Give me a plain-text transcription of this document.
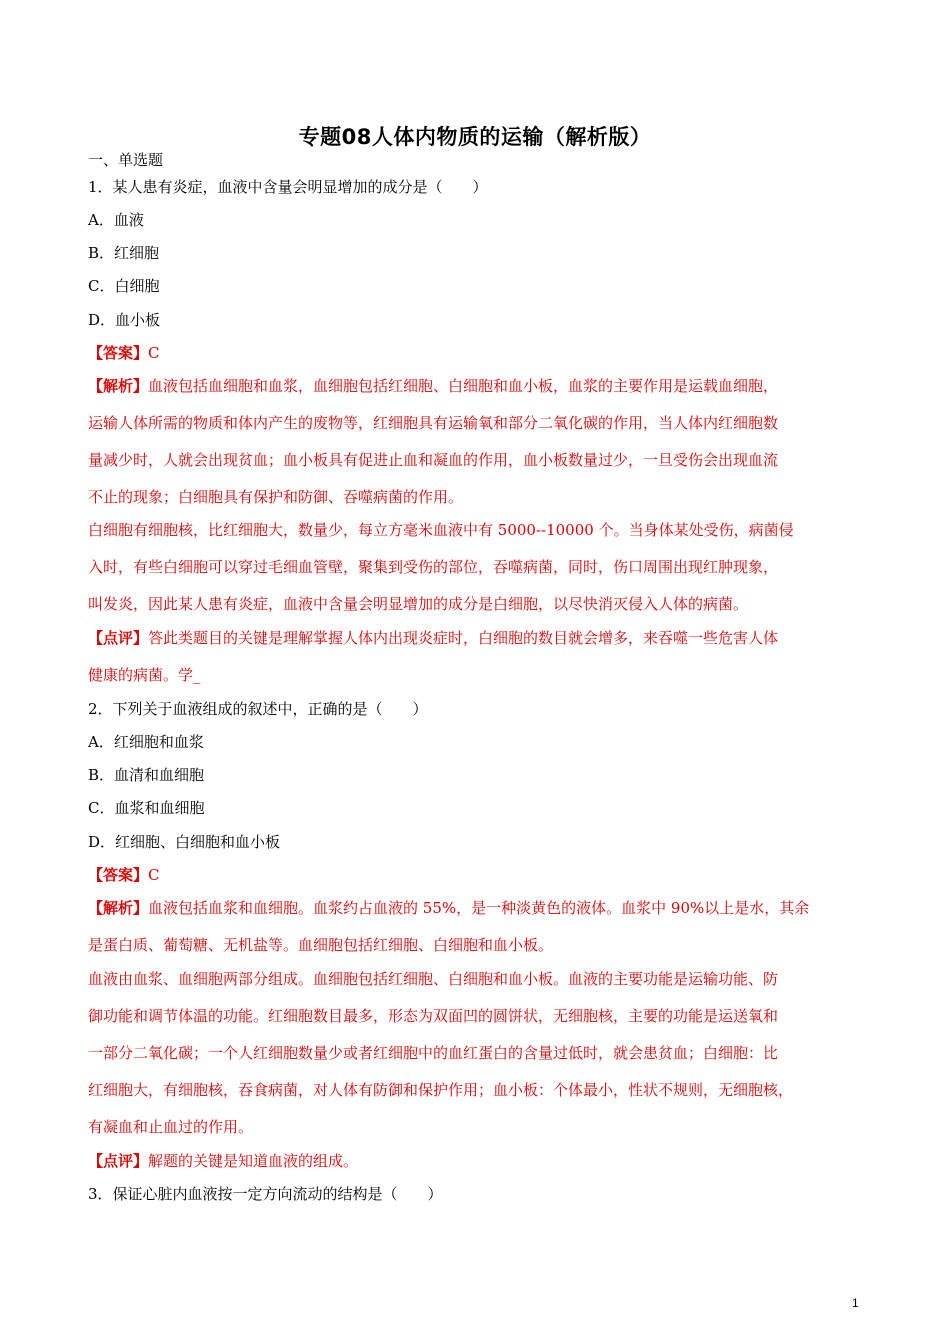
专题08人体内物质的运输（解析版）
一、单选题
1．某人患有炎症，血液中含量会明显增加的成分是（　　）
A．血液
B．红细胞
C．白细胞
D．血小板
【答案】C
【解析】血液包括血细胞和血浆，血细胞包括红细胞、白细胞和血小板，血浆的主要作用是运载血细胞，
运输人体所需的物质和体内产生的废物等，红细胞具有运输氧和部分二氧化碳的作用，当人体内红细胞数
量减少时，人就会出现贫血；血小板具有促进止血和凝血的作用，血小板数量过少，一旦受伤会出现血流
不止的现象；白细胞具有保护和防御、吞噬病菌的作用。
白细胞有细胞核，比红细胞大，数量少，每立方毫米血液中有 5000--10000 个。当身体某处受伤，病菌侵
入时，有些白细胞可以穿过毛细血管壁，聚集到受伤的部位，吞噬病菌，同时，伤口周围出现红肿现象，
叫发炎，因此某人患有炎症，血液中含量会明显增加的成分是白细胞，以尽快消灭侵入人体的病菌。
【点评】答此类题目的关键是理解掌握人体内出现炎症时，白细胞的数目就会增多，来吞噬一些危害人体
健康的病菌。学_
2．下列关于血液组成的叙述中，正确的是（　　）
A．红细胞和血浆
B．血清和血细胞
C．血浆和血细胞
D．红细胞、白细胞和血小板
【答案】C
【解析】血液包括血浆和血细胞。血浆约占血液的 55%，是一种淡黄色的液体。血浆中 90%以上是水，其余
是蛋白质、葡萄糖、无机盐等。血细胞包括红细胞、白细胞和血小板。
血液由血浆、血细胞两部分组成。血细胞包括红细胞、白细胞和血小板。血液的主要功能是运输功能、防
御功能和调节体温的功能。红细胞数目最多，形态为双面凹的圆饼状，无细胞核，主要的功能是运送氧和
一部分二氧化碳；一个人红细胞数量少或者红细胞中的血红蛋白的含量过低时，就会患贫血；白细胞：比
红细胞大，有细胞核，吞食病菌，对人体有防御和保护作用；血小板：个体最小，性状不规则，无细胞核，
有凝血和止血过的作用。
【点评】解题的关键是知道血液的组成。
3．保证心脏内血液按一定方向流动的结构是（　　）
1
